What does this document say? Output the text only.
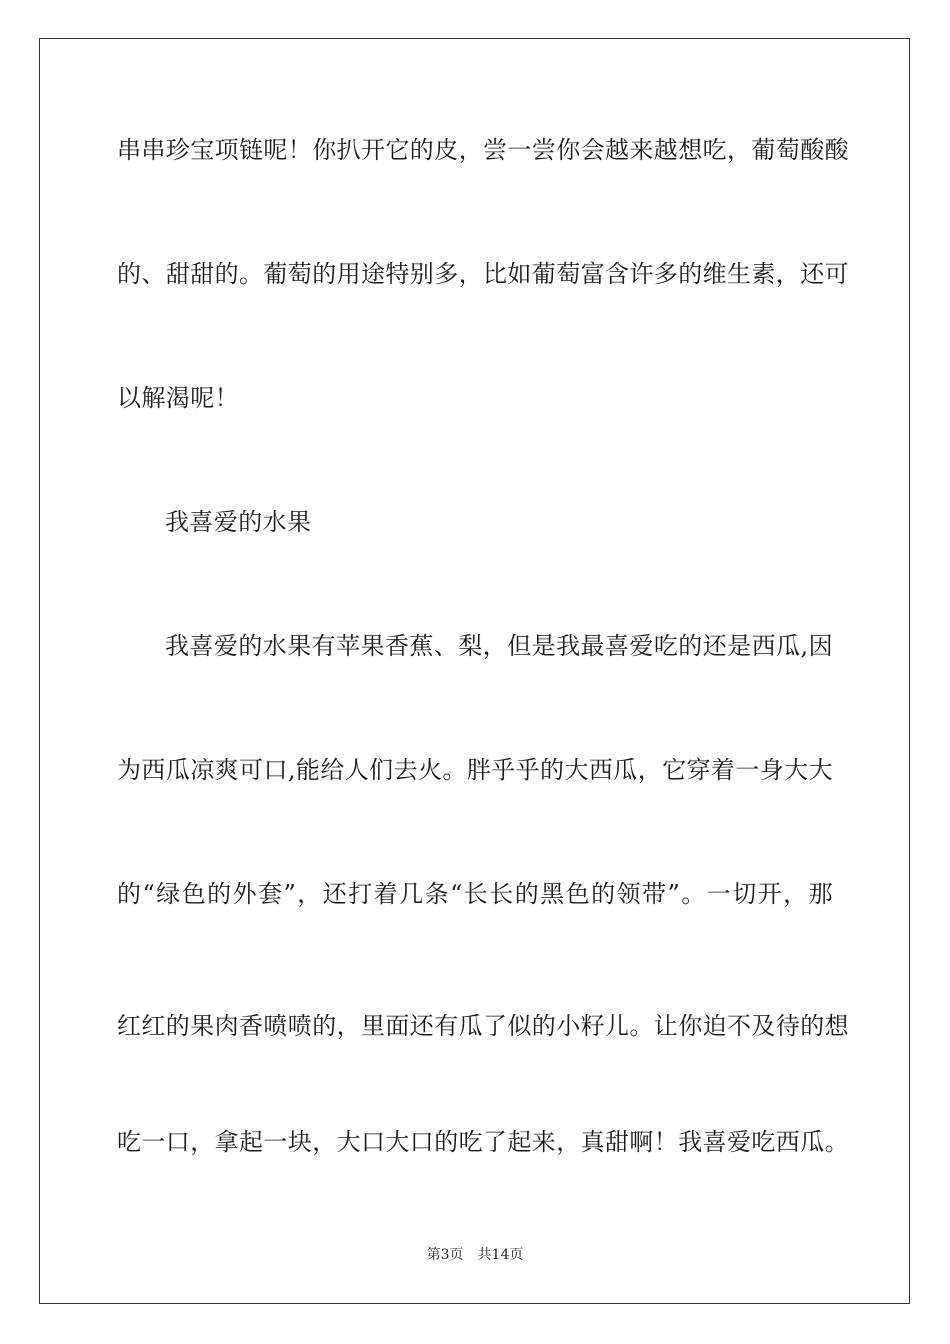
串串珍宝项链呢！你扒开它的皮，尝一尝你会越来越想吃，葡萄酸酸
的、甜甜的。葡萄的用途特别多，比如葡萄富含许多的维生素，还可
以解渴呢！
我喜爱的水果
我喜爱的水果有苹果香蕉、梨，但是我最喜爱吃的还是西瓜,因
为西瓜凉爽可口,能给人们去火。胖乎乎的大西瓜，它穿着一身大大
的“绿色的外套”，还打着几条“长长的黑色的领带”。一切开，那
红红的果肉香喷喷的，里面还有瓜了似的小籽儿。让你迫不及待的想
吃一口，拿起一块，大口大口的吃了起来，真甜啊！我喜爱吃西瓜。
第3页 共14页
